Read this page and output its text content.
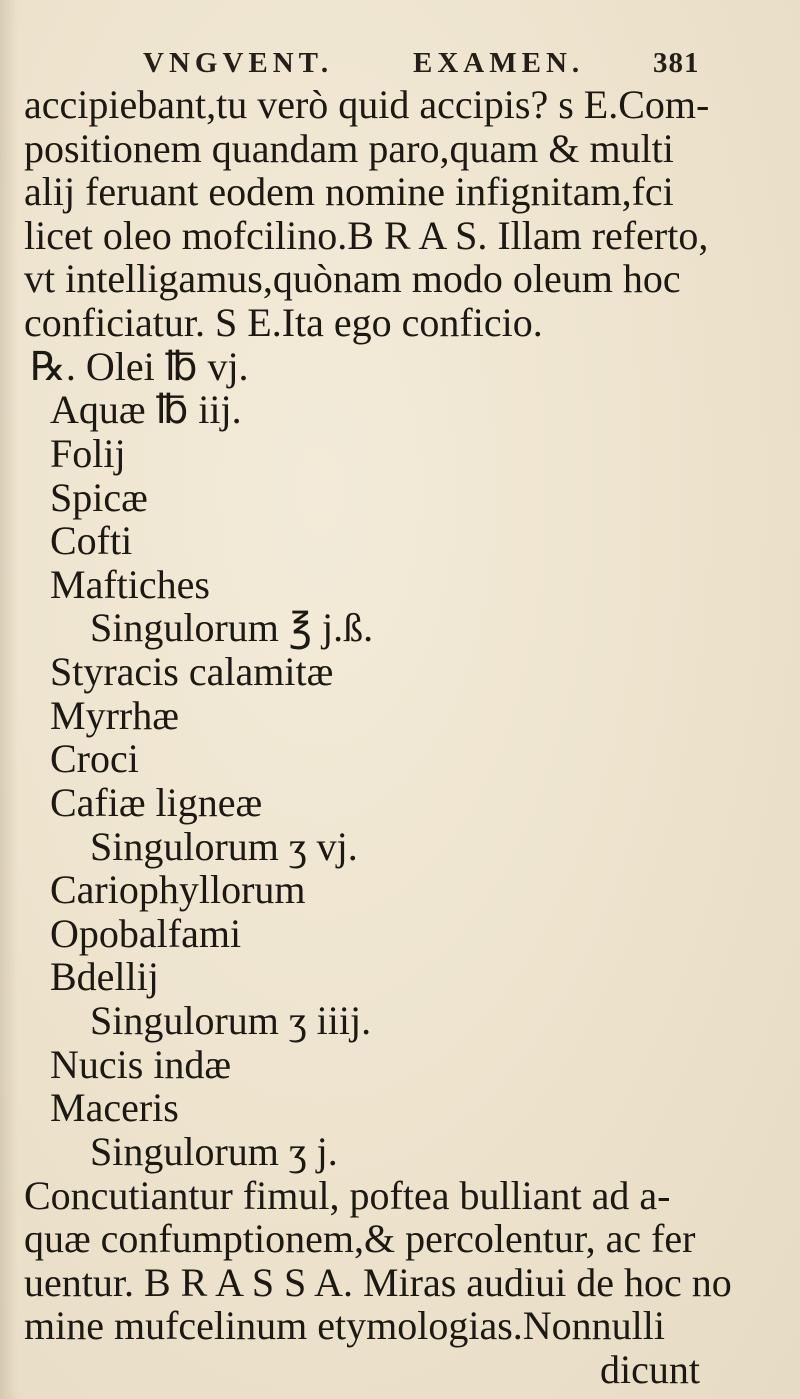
VNGVENT.	EXAMEN. 381
accipiebant,tu verò quid accipis? s E.Com-
positionem quandam paro,quam & multi
alij feruant eodem nomine infignitam,fci
licet oleo mofcilino.B R A S. Illam referto,
vt intelligamus,quònam modo oleum hoc
conficiatur. S E.Ita ego conficio.
℞. Olei ℔ vj.
Aquæ ℔ iij.
Folij
Spicæ
Cofti
Maftiches
Singulorum ℥ j.ß.
Styracis calamitæ
Myrrhæ
Croci
Cafiæ ligneæ
Singulorum ʒ vj.
Cariophyllorum
Opobalfami
Bdellij
Singulorum ʒ iiij.
Nucis indæ
Maceris
Singulorum ʒ j.
Concutiantur fimul, poftea bulliant ad a-
quæ confumptionem,& percolentur, ac fer
uentur. B R A S S A. Miras audiui de hoc no
mine mufcelinum etymologias.Nonnulli
dicunt
